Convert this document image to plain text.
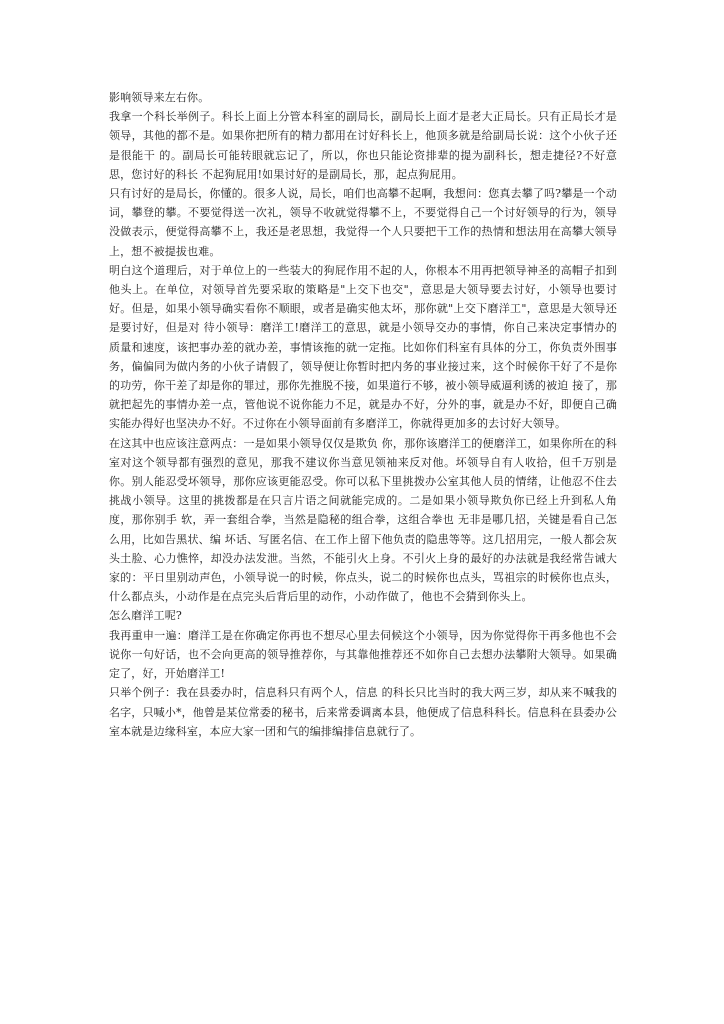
影响领导来左右你。

我拿一个科长举例子。科长上面上分管本科室的副局长，副局长上面才是老大正局长。只有正局长才是领导，其他的都不是。如果你把所有的精力都用在讨好科长上，他顶多就是给副局长说：这个小伙子还是很能干 的。副局长可能转眼就忘记了，所以，你也只能论资排辈的提为副科长，想走捷径?不好意思，您讨好的科长 不起狗屁用!如果讨好的是副局长，那，起点狗屁用。

只有讨好的是局长，你懂的。很多人说，局长，咱们也高攀不起啊，我想问：您真去攀了吗?攀是一个动词，攀登的攀。不要觉得送一次礼，领导不收就觉得攀不上，不要觉得自己一个讨好领导的行为，领导没做表示，便觉得高攀不上，我还是老思想，我觉得一个人只要把干工作的热情和想法用在高攀大领导上，想不被提拔也难。

明白这个道理后，对于单位上的一些装大的狗屁作用不起的人，你根本不用再把领导神圣的高帽子扣到他头上。在单位，对领导首先要采取的策略是"上交下也交"，意思是大领导要去讨好，小领导也要讨好。但是，如果小领导确实看你不顺眼，或者是确实他太坏，那你就"上交下磨洋工"，意思是大领导还是要讨好，但是对 待小领导：磨洋工!磨洋工的意思，就是小领导交办的事情，你自己来决定事情办的质量和速度，该把事办差的就办差，事情该拖的就一定拖。比如你们科室有具体的分工，你负责外围事务，偏偏同为做内务的小伙子请假了，领导便让你暂时把内务的事业接过来，这个时候你干好了不是你的功劳，你干差了却是你的罪过，那你先推脱不接，如果道行不够，被小领导威逼利诱的被迫 接了，那就把起先的事情办差一点，管他说不说你能力不足，就是办不好，分外的事，就是办不好，即便自己确实能办得好也坚决办不好。不过你在小领导面前有多磨洋工，你就得更加多的去讨好大领导。

在这其中也应该注意两点：一是如果小领导仅仅是欺负 你，那你该磨洋工的便磨洋工，如果你所在的科室对这个领导都有强烈的意见，那我不建议你当意见领袖来反对他。坏领导自有人收拾，但千万别是你。别人能忍受坏领导，那你应该更能忍受。你可以私下里挑拨办公室其他人员的情绪，让他忍不住去挑战小领导。这里的挑拨都是在只言片语之间就能完成的。二是如果小领导欺负你已经上升到私人角度，那你别手 软，弄一套组合拳，当然是隐秘的组合拳，这组合拳也 无非是哪几招，关键是看自己怎么用，比如告黑状、编 坏话、写匿名信、在工作上留下他负责的隐患等等。这几招用完，一般人都会灰头土脸、心力憔悴，却没办法发泄。当然，不能引火上身。不引火上身的最好的办法就是我经常告诫大家的：平日里别动声色，小领导说一的时候，你点头，说二的时候你也点头，骂祖宗的时候你也点头，什么都点头，小动作是在点完头后背后里的动作，小动作做了，他也不会猜到你头上。

怎么磨洋工呢?

我再重申一遍：磨洋工是在你确定你再也不想尽心里去伺候这个小领导，因为你觉得你干再多他也不会说你一句好话，也不会向更高的领导推荐你，与其靠他推荐还不如你自己去想办法攀附大领导。如果确定了，好，开始磨洋工!

只举个例子：我在县委办时，信息科只有两个人，信息 的科长只比当时的我大两三岁，却从来不喊我的名字，只喊小*，他曾是某位常委的秘书，后来常委调离本县，他便成了信息科科长。信息科在县委办公室本就是边缘科室，本应大家一团和气的编排编排信息就行了。
